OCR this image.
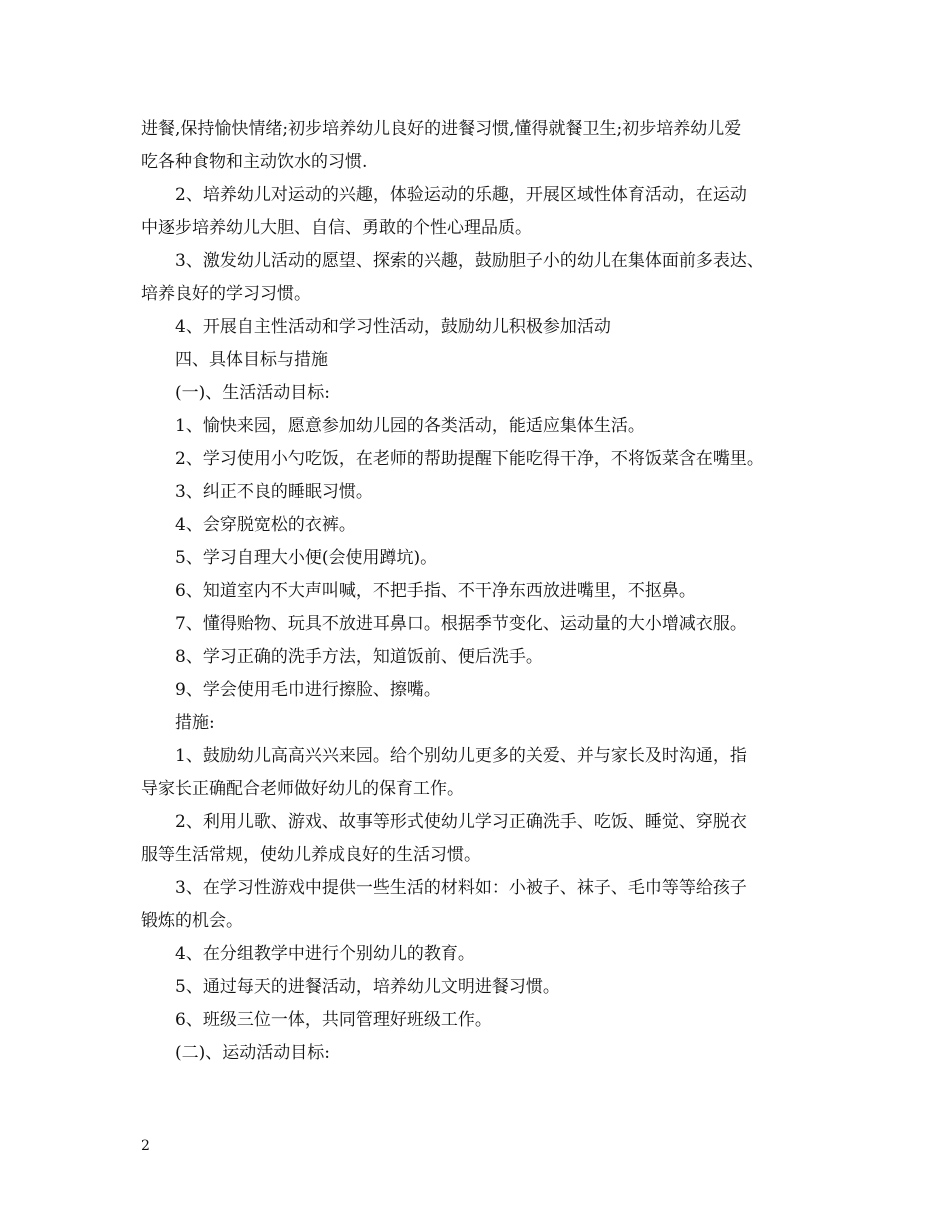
进餐,保持愉快情绪;初步培养幼儿良好的进餐习惯,懂得就餐卫生;初步培养幼儿爱
吃各种食物和主动饮水的习惯.
2、培养幼儿对运动的兴趣，体验运动的乐趣，开展区域性体育活动，在运动
中逐步培养幼儿大胆、自信、勇敢的个性心理品质。
3、激发幼儿活动的愿望、探索的兴趣，鼓励胆子小的幼儿在集体面前多表达、
培养良好的学习习惯。
4、开展自主性活动和学习性活动，鼓励幼儿积极参加活动
四、具体目标与措施
(一)、生活活动目标:
1、愉快来园，愿意参加幼儿园的各类活动，能适应集体生活。
2、学习使用小勺吃饭，在老师的帮助提醒下能吃得干净，不将饭菜含在嘴里。
3、纠正不良的睡眠习惯。
4、会穿脱宽松的衣裤。
5、学习自理大小便(会使用蹲坑)。
6、知道室内不大声叫喊，不把手指、不干净东西放进嘴里，不抠鼻。
7、懂得贻物、玩具不放进耳鼻口。根据季节变化、运动量的大小增减衣服。
8、学习正确的洗手方法，知道饭前、便后洗手。
9、学会使用毛巾进行擦脸、擦嘴。
措施:
1、鼓励幼儿高高兴兴来园。给个别幼儿更多的关爱、并与家长及时沟通，指
导家长正确配合老师做好幼儿的保育工作。
2、利用儿歌、游戏、故事等形式使幼儿学习正确洗手、吃饭、睡觉、穿脱衣
服等生活常规，使幼儿养成良好的生活习惯。
3、在学习性游戏中提供一些生活的材料如：小被子、袜子、毛巾等等给孩子
锻炼的机会。
4、在分组教学中进行个别幼儿的教育。
5、通过每天的进餐活动，培养幼儿文明进餐习惯。
6、班级三位一体，共同管理好班级工作。
(二)、运动活动目标:
2
